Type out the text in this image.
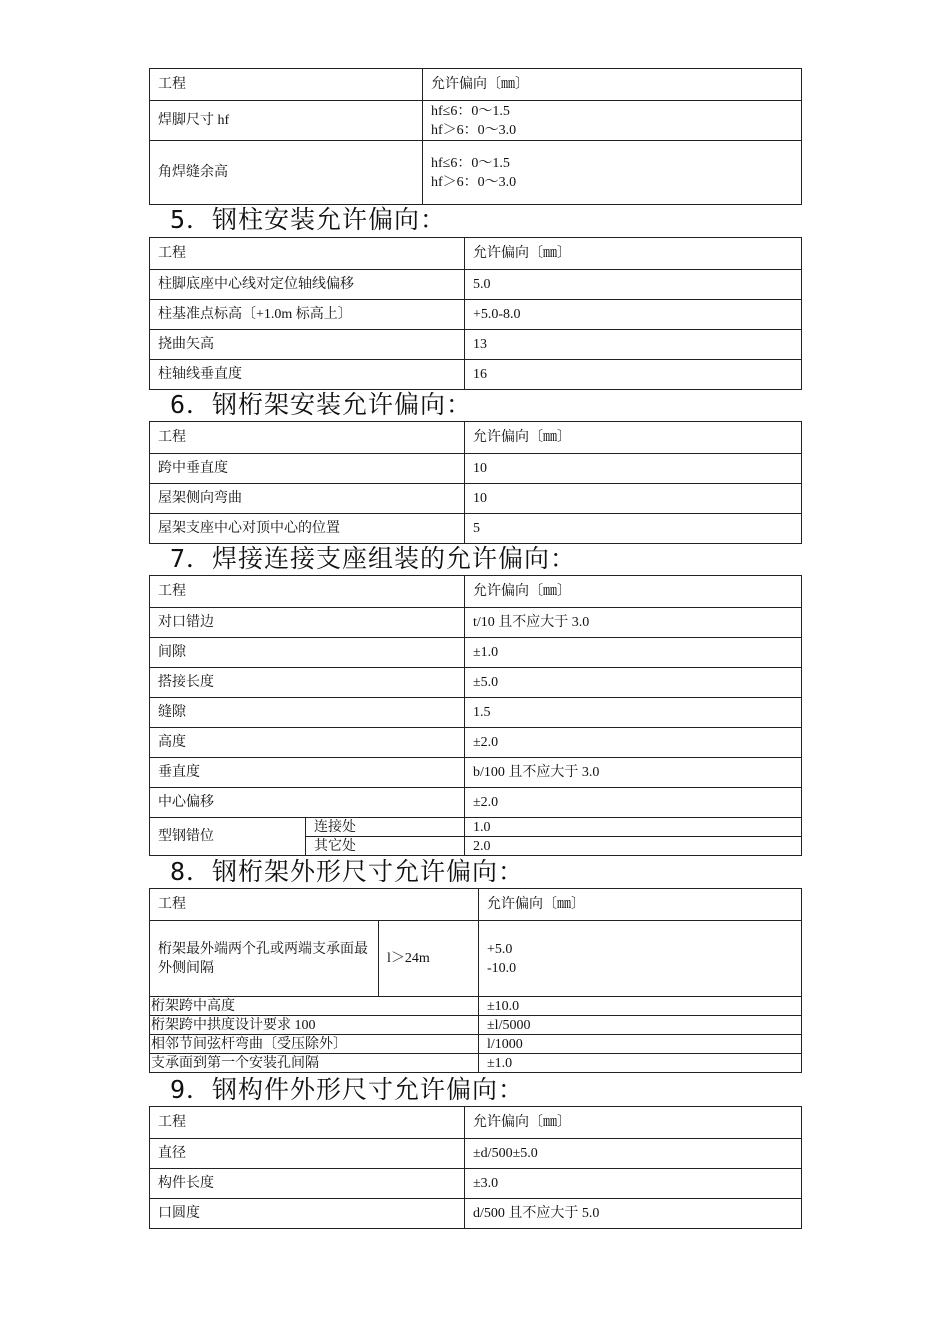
工程	允许偏向〔㎜〕
焊脚尺寸 hf	hf≤6：0～1.5
hf＞6：0～3.0

角焊缝余高	hf≤6：0～1.5
hf＞6：0～3.0
5．钢柱安装允许偏向：
工程	允许偏向〔㎜〕
柱脚底座中心线对定位轴线偏移	5.0
柱基准点标高〔+1.0m 标高上〕	+5.0-8.0
挠曲矢高	13
柱轴线垂直度	16
6．钢桁架安装允许偏向：
工程	允许偏向〔㎜〕
跨中垂直度	10
屋架侧向弯曲	10
屋架支座中心对顶中心的位置	5
7．焊接连接支座组装的允许偏向：
工程		允许偏向〔㎜〕
对口错边		t/10 且不应大于 3.0
间隙		±1.0
搭接长度		±5.0
缝隙		1.5
高度		±2.0
垂直度		b/100 且不应大于 3.0
中心偏移		±2.0
型钢错位	连接处	1.0
	其它处	2.0
8．钢桁架外形尺寸允许偏向：
工程		允许偏向〔㎜〕
桁架最外端两个孔或两端支承面最外侧间隔	l＞24m	+5.0
-10.0

桁架跨中高度		±10.0
桁架跨中拱度设计要求 100		±l/5000
相邻节间弦杆弯曲〔受压除外〕		l/1000
支承面到第一个安装孔间隔		±1.0
9．钢构件外形尺寸允许偏向：
工程	允许偏向〔㎜〕
直径	±d/500±5.0
构件长度	±3.0
口圆度	d/500 且不应大于 5.0
